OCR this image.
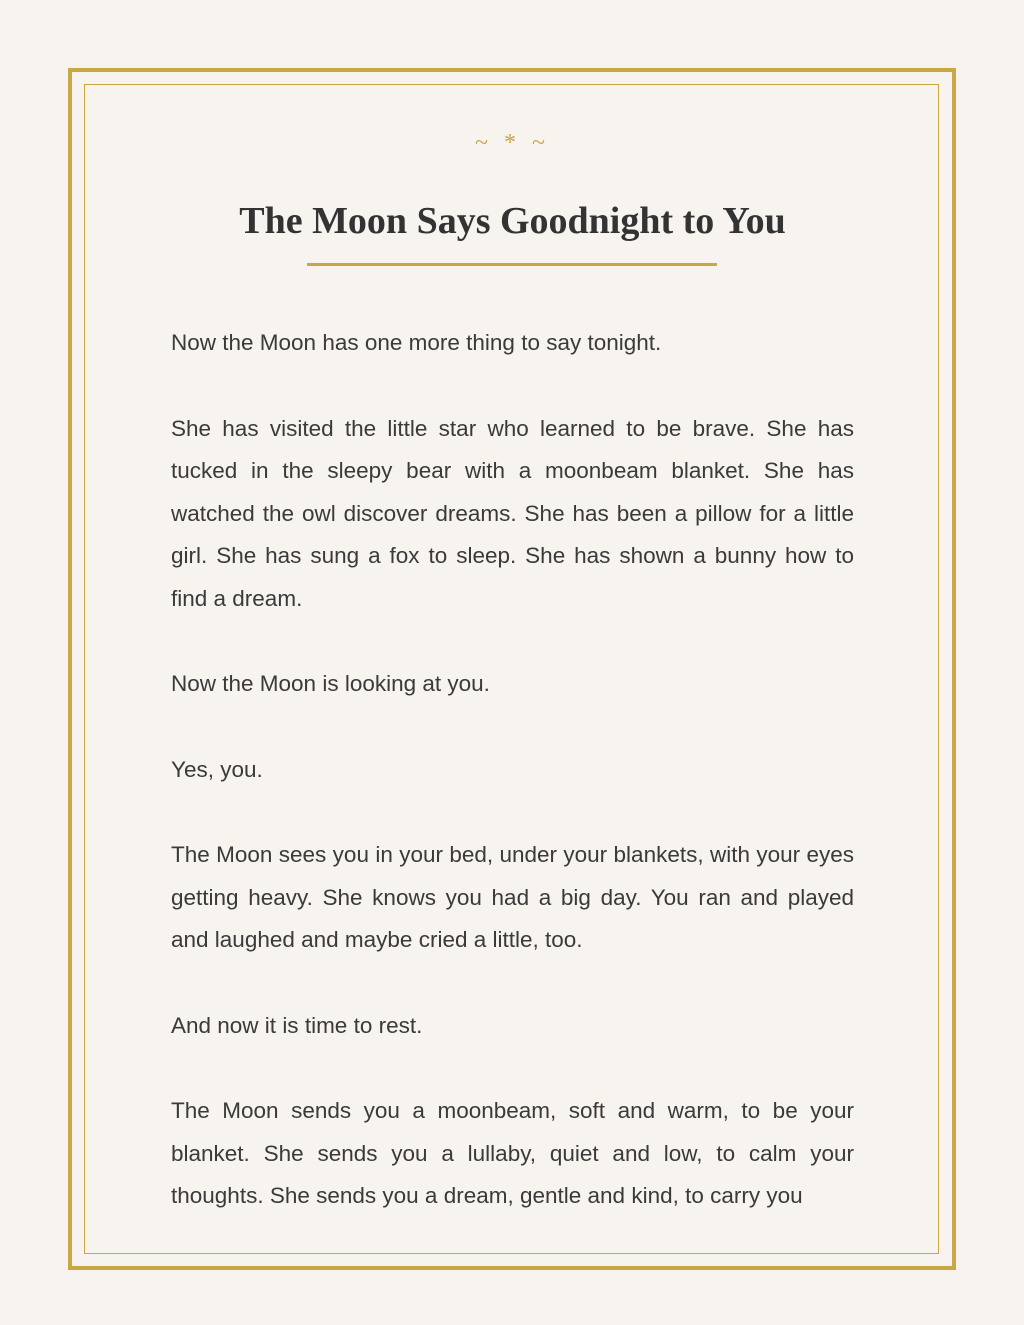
~ * ~
The Moon Says Goodnight to You

Now the Moon has one more thing to say tonight.

She has visited the little star who learned to be brave. She has tucked in the sleepy bear with a moonbeam blanket. She has watched the owl discover dreams. She has been a pillow for a little girl. She has sung a fox to sleep. She has shown a bunny how to find a dream.

Now the Moon is looking at you.

Yes, you.

The Moon sees you in your bed, under your blankets, with your eyes getting heavy. She knows you had a big day. You ran and played and laughed and maybe cried a little, too.

And now it is time to rest.

The Moon sends you a moonbeam, soft and warm, to be your blanket. She sends you a lullaby, quiet and low, to calm your thoughts. She sends you a dream, gentle and kind, to carry you
